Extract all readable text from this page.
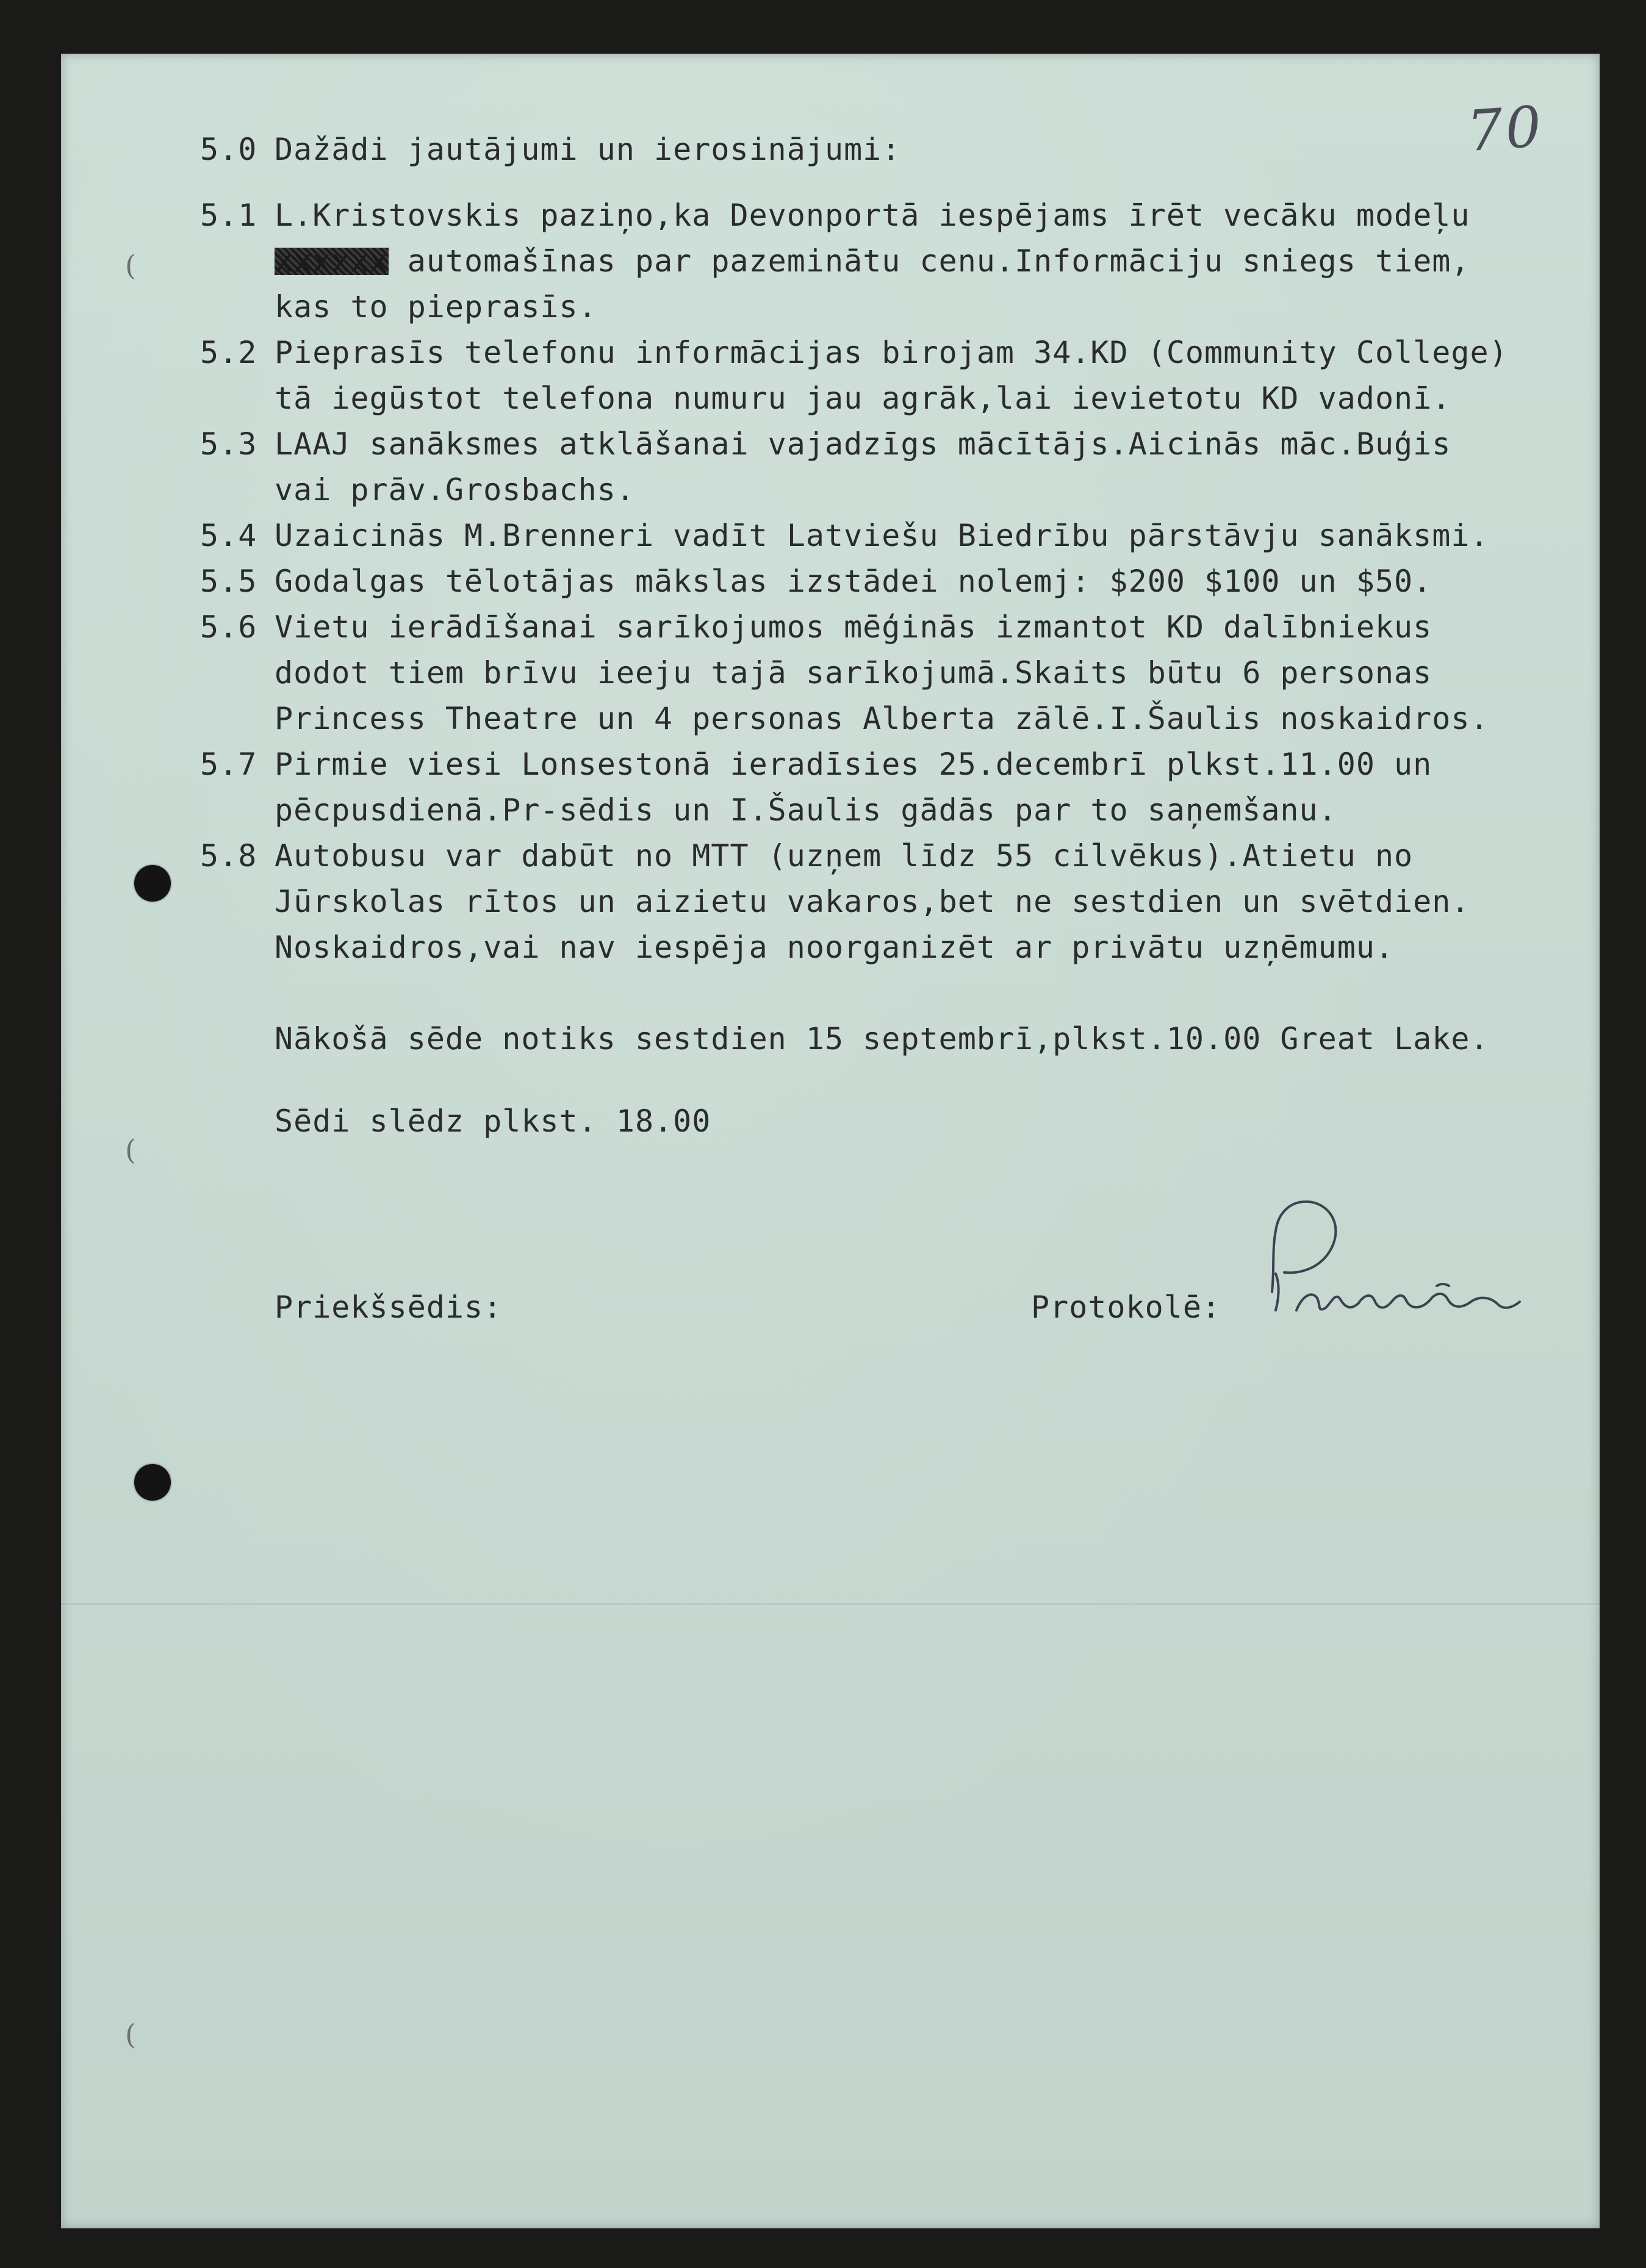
70
(
(
(
5.0 Dažādi jautājumi un ierosinājumi:
5.1 L.Kristovskis paziņo,ka Devonportā iespējams īrēt vecāku modeļu
xxxxxx automašīnas par pazeminātu cenu.Informāciju sniegs tiem,
kas to pieprasīs.
5.2 Pieprasīs telefonu informācijas birojam 34.KD (Community College)
tā iegūstot telefona numuru jau agrāk,lai ievietotu KD vadonī.
5.3 LAAJ sanāksmes atklāšanai vajadzīgs mācītājs.Aicinās māc.Buģis
vai prāv.Grosbachs.
5.4 Uzaicinās M.Brenneri vadīt Latviešu Biedrību pārstāvju sanāksmi.
5.5 Godalgas tēlotājas mākslas izstādei nolemj: $200 $100 un $50.
5.6 Vietu ierādīšanai sarīkojumos mēģinās izmantot KD dalībniekus
dodot tiem brīvu ieeju tajā sarīkojumā.Skaits būtu 6 personas
Princess Theatre un 4 personas Alberta zālē.I.Šaulis noskaidros.
5.7 Pirmie viesi Lonsestonā ieradīsies 25.decembrī plkst.11.00 un
pēcpusdienā.Pr-sēdis un I.Šaulis gādās par to saņemšanu.
5.8 Autobusu var dabūt no MTT (uzņem līdz 55 cilvēkus).Atietu no
Jūrskolas rītos un aizietu vakaros,bet ne sestdien un svētdien.
Noskaidros,vai nav iespēja noorganizēt ar privātu uzņēmumu.
Nākošā sēde notiks sestdien 15 septembrī,plkst.10.00 Great Lake.
Sēdi slēdz plkst. 18.00
Priekšsēdis:	Protokolē:
